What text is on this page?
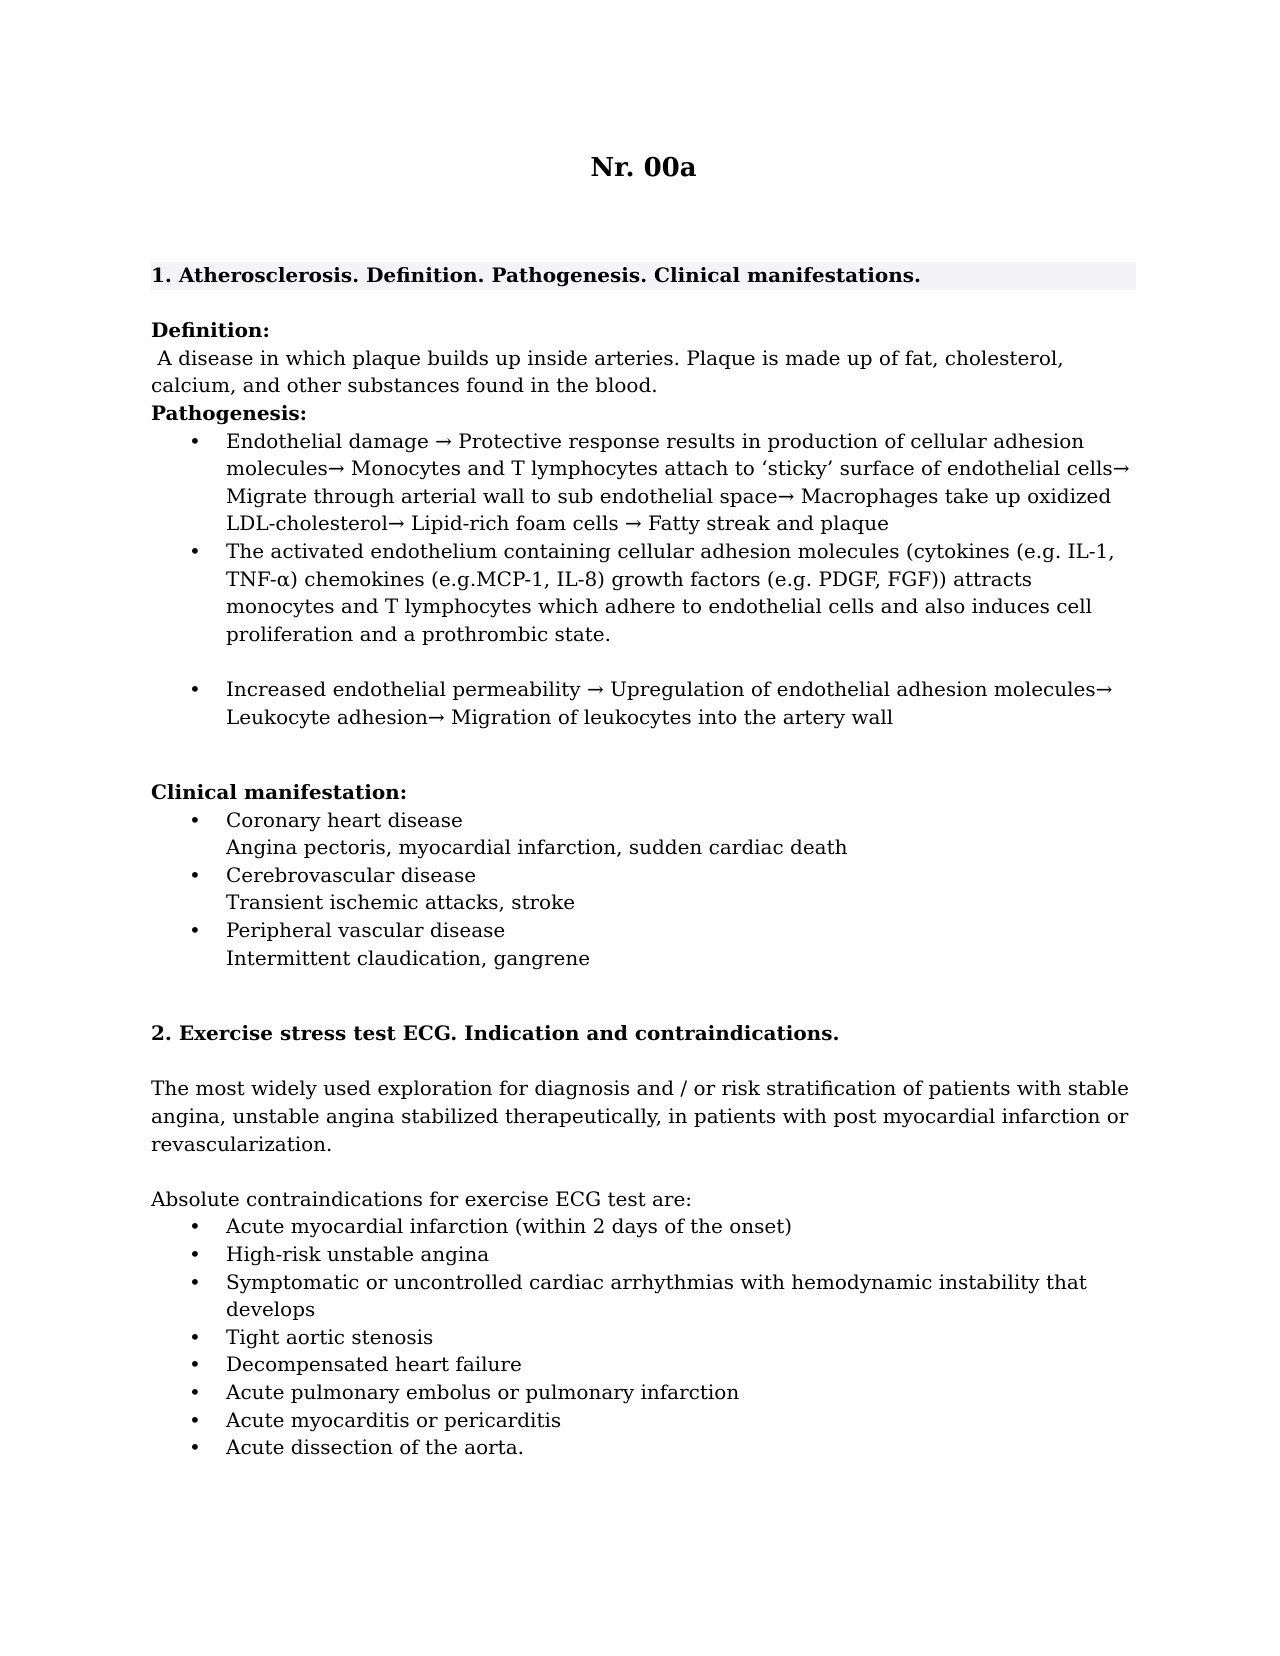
Nr. 00a

1. Atherosclerosis. Definition. Pathogenesis. Clinical manifestations.

Definition:

A disease in which plaque builds up inside arteries. Plaque is made up of fat, cholesterol, calcium, and other substances found in the blood.

Pathogenesis:

• Endothelial damage → Protective response results in production of cellular adhesion molecules→ Monocytes and T lymphocytes attach to ‘sticky’ surface of endothelial cells→ Migrate through arterial wall to sub endothelial space→ Macrophages take up oxidized LDL-cholesterol→ Lipid-rich foam cells → Fatty streak and plaque
• The activated endothelium containing cellular adhesion molecules (cytokines (e.g. IL-1, TNF-α) chemokines (e.g.MCP-1, IL-8) growth factors (e.g. PDGF, FGF)) attracts monocytes and T lymphocytes which adhere to endothelial cells and also induces cell proliferation and a prothrombic state.
• Increased endothelial permeability → Upregulation of endothelial adhesion molecules→ Leukocyte adhesion→ Migration of leukocytes into the artery wall

Clinical manifestation:

• Coronary heart disease
Angina pectoris, myocardial infarction, sudden cardiac death
• Cerebrovascular disease
Transient ischemic attacks, stroke
• Peripheral vascular disease
Intermittent claudication, gangrene

2. Exercise stress test ECG. Indication and contraindications.

The most widely used exploration for diagnosis and / or risk stratification of patients with stable angina, unstable angina stabilized therapeutically, in patients with post myocardial infarction or revascularization.

Absolute contraindications for exercise ECG test are:

• Acute myocardial infarction (within 2 days of the onset)
• High-risk unstable angina
• Symptomatic or uncontrolled cardiac arrhythmias with hemodynamic instability that develops
• Tight aortic stenosis
• Decompensated heart failure
• Acute pulmonary embolus or pulmonary infarction
• Acute myocarditis or pericarditis
• Acute dissection of the aorta.
